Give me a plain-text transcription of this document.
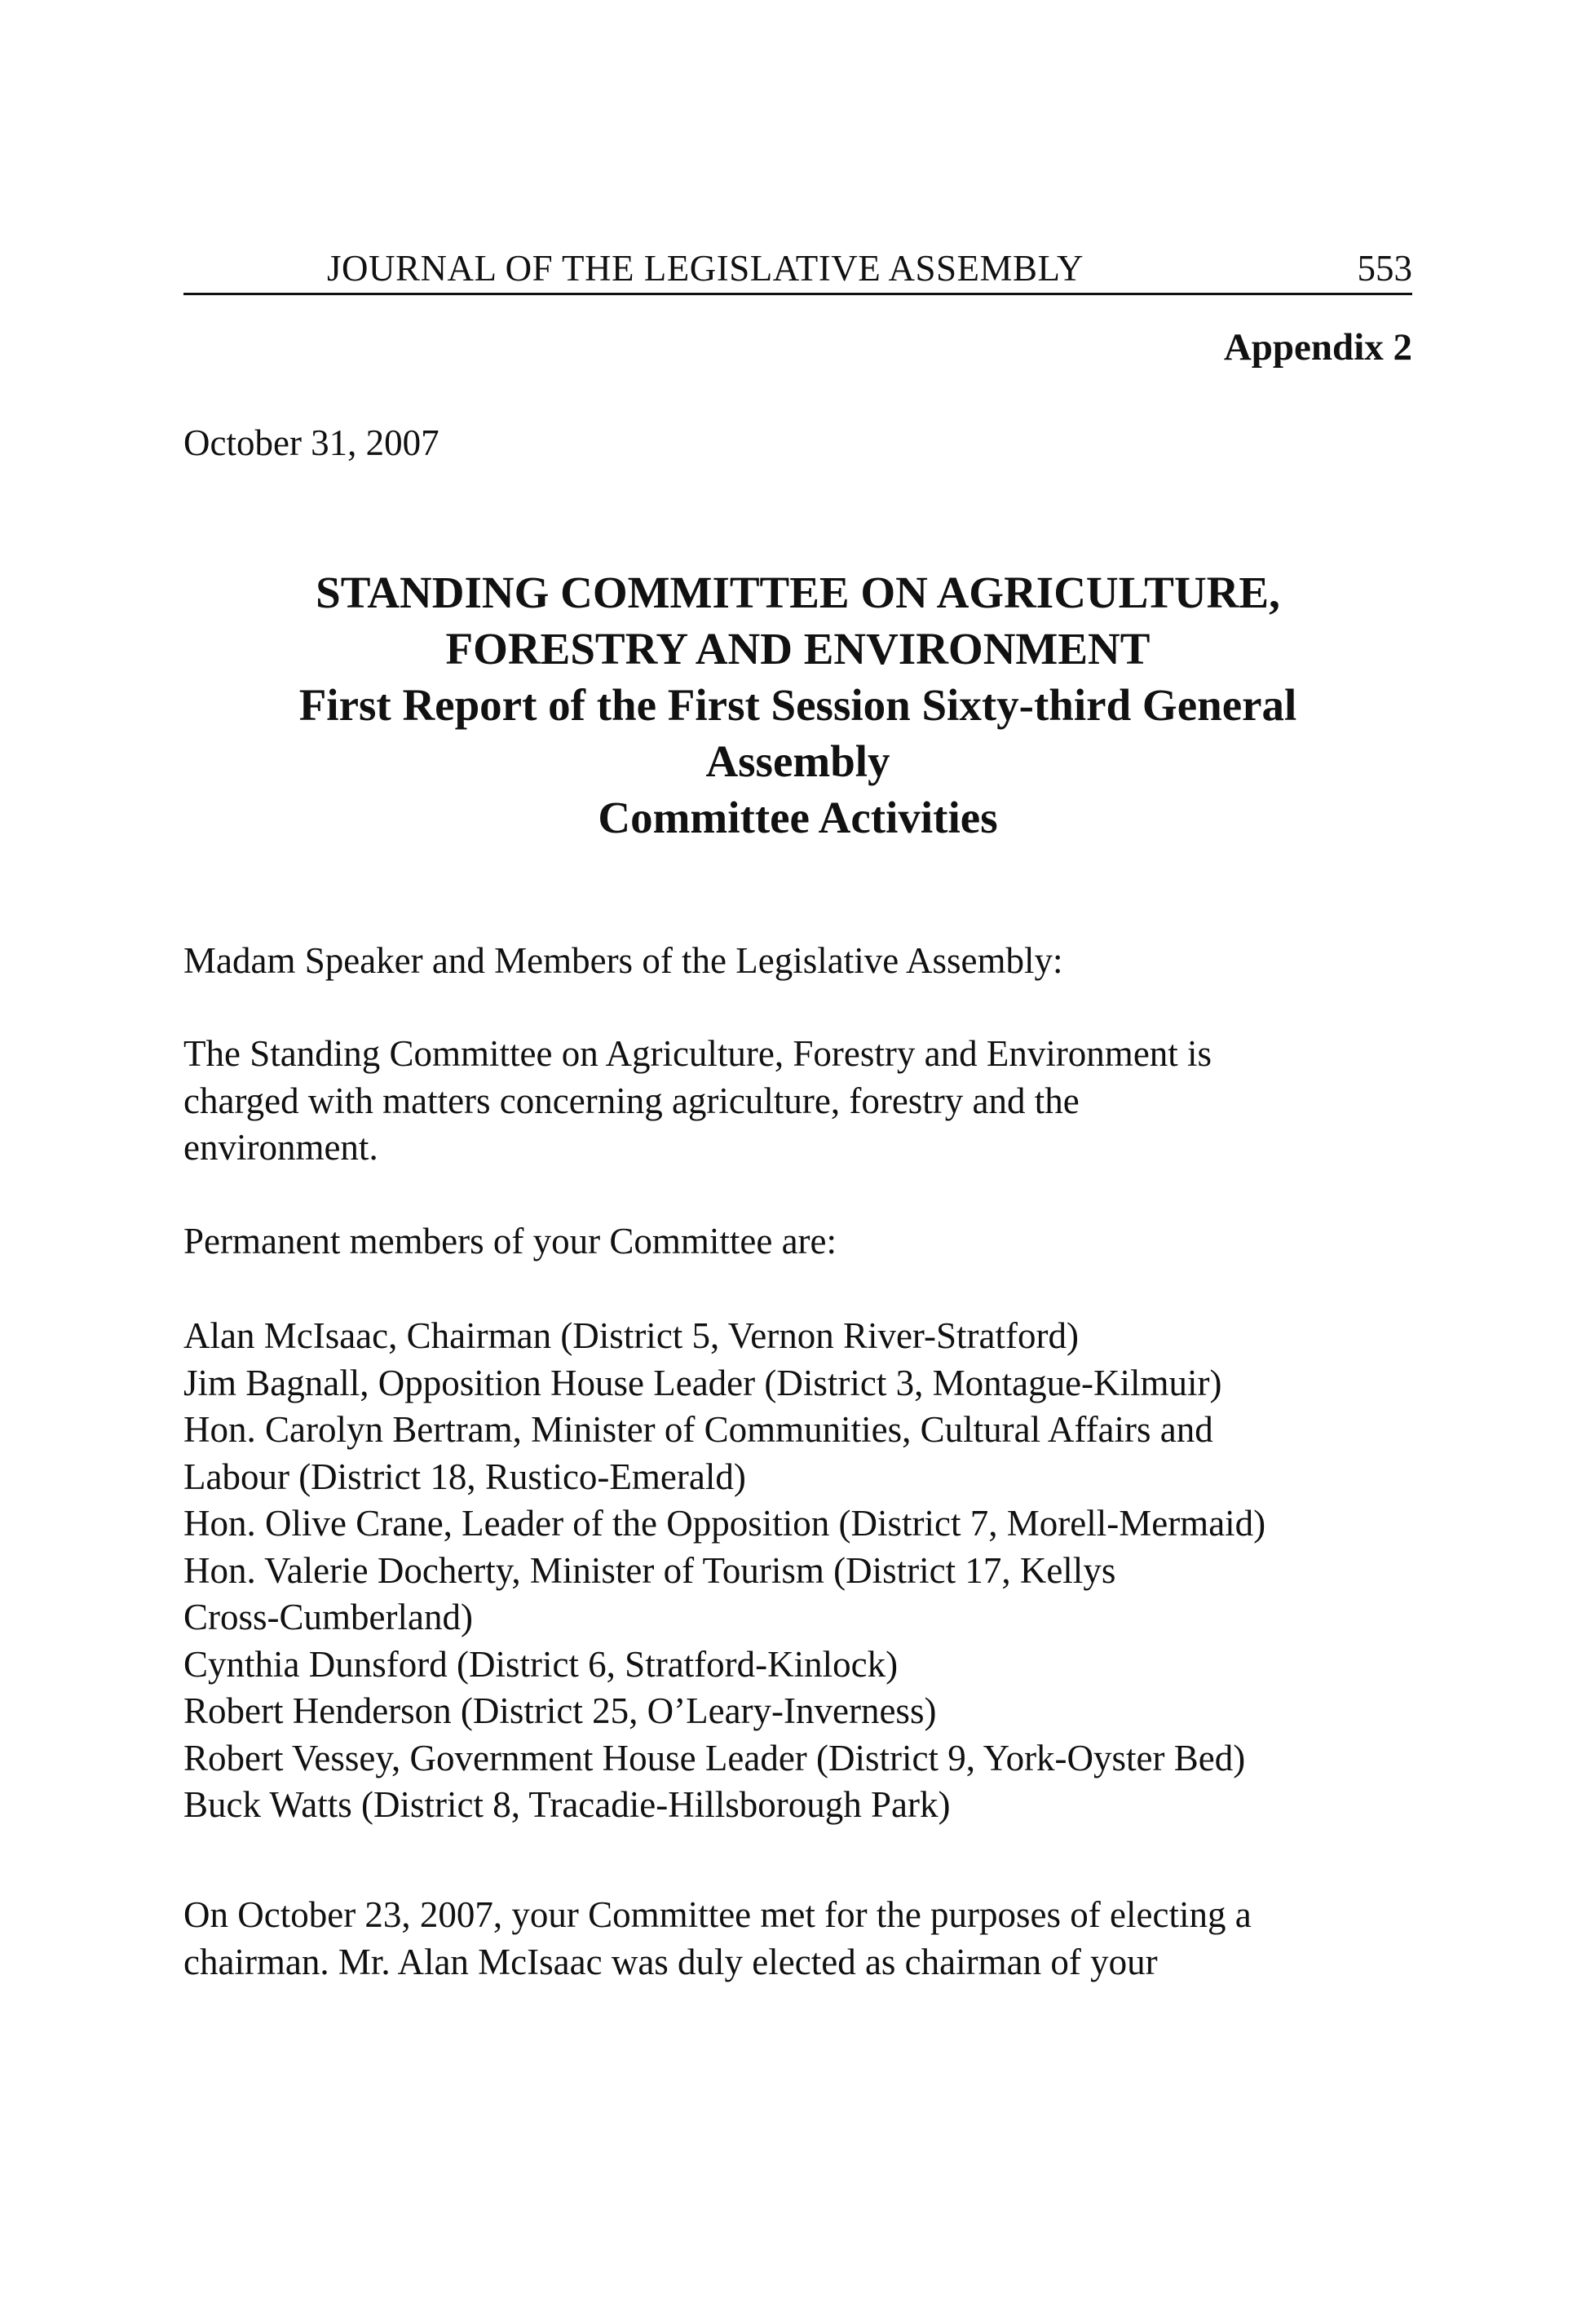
JOURNAL OF THE LEGISLATIVE ASSEMBLY	553
Appendix 2
October 31, 2007
STANDING COMMITTEE ON AGRICULTURE,
FORESTRY AND ENVIRONMENT
First Report of the First Session Sixty-third General
Assembly
Committee Activities
Madam Speaker and Members of the Legislative Assembly:
The Standing Committee on Agriculture, Forestry and Environment is
charged with matters concerning agriculture, forestry and the
environment.
Permanent members of your Committee are:
Alan McIsaac, Chairman (District 5, Vernon River-Stratford)
Jim Bagnall, Opposition House Leader (District 3, Montague-Kilmuir)
Hon. Carolyn Bertram, Minister of Communities, Cultural Affairs and
Labour (District 18, Rustico-Emerald)
Hon. Olive Crane, Leader of the Opposition (District 7, Morell-Mermaid)
Hon. Valerie Docherty, Minister of Tourism (District 17, Kellys
Cross-Cumberland)
Cynthia Dunsford (District 6, Stratford-Kinlock)
Robert Henderson (District 25, O’Leary-Inverness)
Robert Vessey, Government House Leader (District 9, York-Oyster Bed)
Buck Watts (District 8, Tracadie-Hillsborough Park)
On October 23, 2007, your Committee met for the purposes of electing a
chairman. Mr. Alan McIsaac was duly elected as chairman of your
